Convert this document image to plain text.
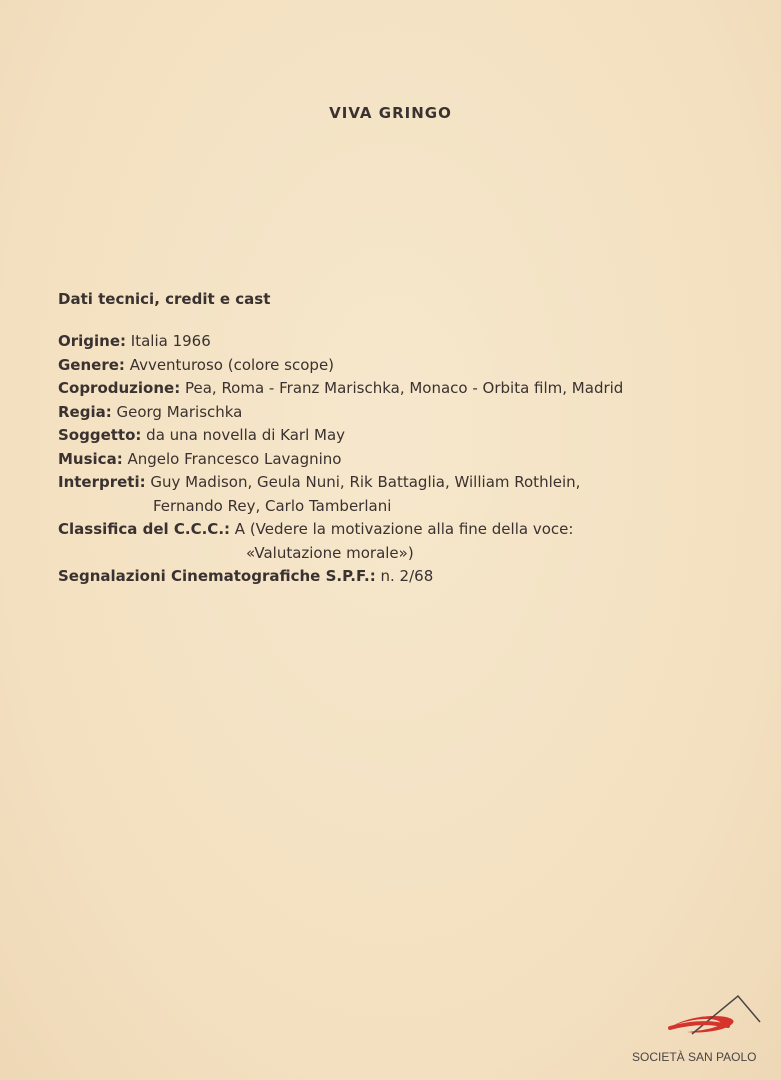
VIVA GRINGO
Dati tecnici, credit e cast
Origine: Italia 1966
Genere: Avventuroso (colore scope)
Coproduzione: Pea, Roma - Franz Marischka, Monaco - Orbita film, Madrid
Regia: Georg Marischka
Soggetto: da una novella di Karl May
Musica: Angelo Francesco Lavagnino
Interpreti: Guy Madison, Geula Nuni, Rik Battaglia, William Rothlein,
Fernando Rey, Carlo Tamberlani
Classifica del C.C.C.: A (Vedere la motivazione alla fine della voce:
«Valutazione morale»)
Segnalazioni Cinematografiche S.P.F.: n. 2/68
SOCIETÀ SAN PAOLO
